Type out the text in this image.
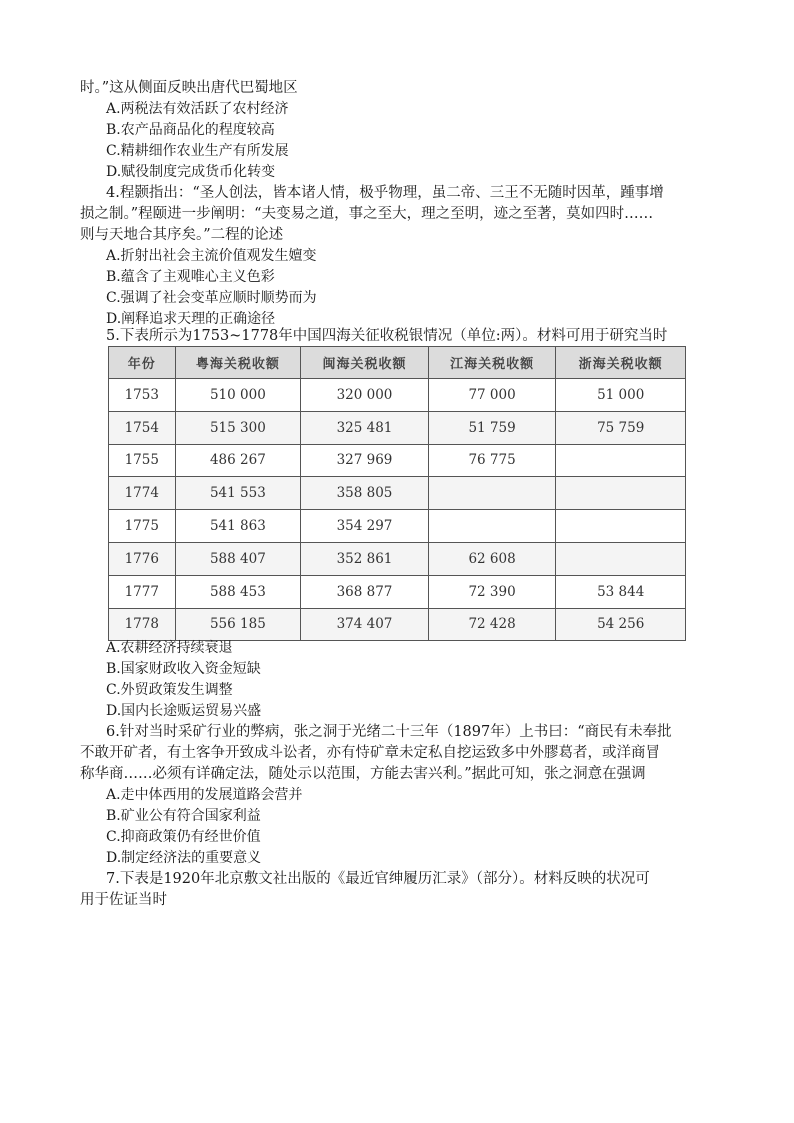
时。”这从侧面反映出唐代巴蜀地区
A.两税法有效活跃了农村经济
B.农产品商品化的程度较高
C.精耕细作农业生产有所发展
D.赋役制度完成货币化转变
4.程颢指出：“圣人创法，皆本诸人情，极乎物理，虽二帝、三王不无随时因革，踵事增
损之制。”程颐进一步阐明：“夫变易之道，事之至大，理之至明，迹之至著，莫如四时……
则与天地合其序矣。”二程的论述
A.折射出社会主流价值观发生嬗变
B.蕴含了主观唯心主义色彩
C.强调了社会变革应顺时顺势而为
D.阐释追求天理的正确途径
5.下表所示为1753~1778年中国四海关征收税银情况（单位:两）。材料可用于研究当时
年份	粤海关税收额	闽海关税收额	江海关税收额	浙海关税收额
1753	510 000	320 000	77 000	51 000
1754	515 300	325 481	51 759	75 759
1755	486 267	327 969	76 775	
1774	541 553	358 805		
1775	541 863	354 297		
1776	588 407	352 861	62 608	
1777	588 453	368 877	72 390	53 844
1778	556 185	374 407	72 428	54 256
A.农耕经济持续衰退
B.国家财政收入资金短缺
C.外贸政策发生调整
D.国内长途贩运贸易兴盛
6.针对当时采矿行业的弊病，张之洞于光绪二十三年（1897年）上书曰：“商民有未奉批
不敢开矿者，有土客争开致成斗讼者，亦有恃矿章未定私自挖运致多中外膠葛者，或洋商冒
称华商……必须有详确定法，随处示以范围，方能去害兴利。”据此可知，张之洞意在强调
A.走中体西用的发展道路会营并
B.矿业公有符合国家利益
C.抑商政策仍有经世价值
D.制定经济法的重要意义
7.下表是1920年北京敷文社出版的《最近官绅履历汇录》（部分）。材料反映的状况可
用于佐证当时
